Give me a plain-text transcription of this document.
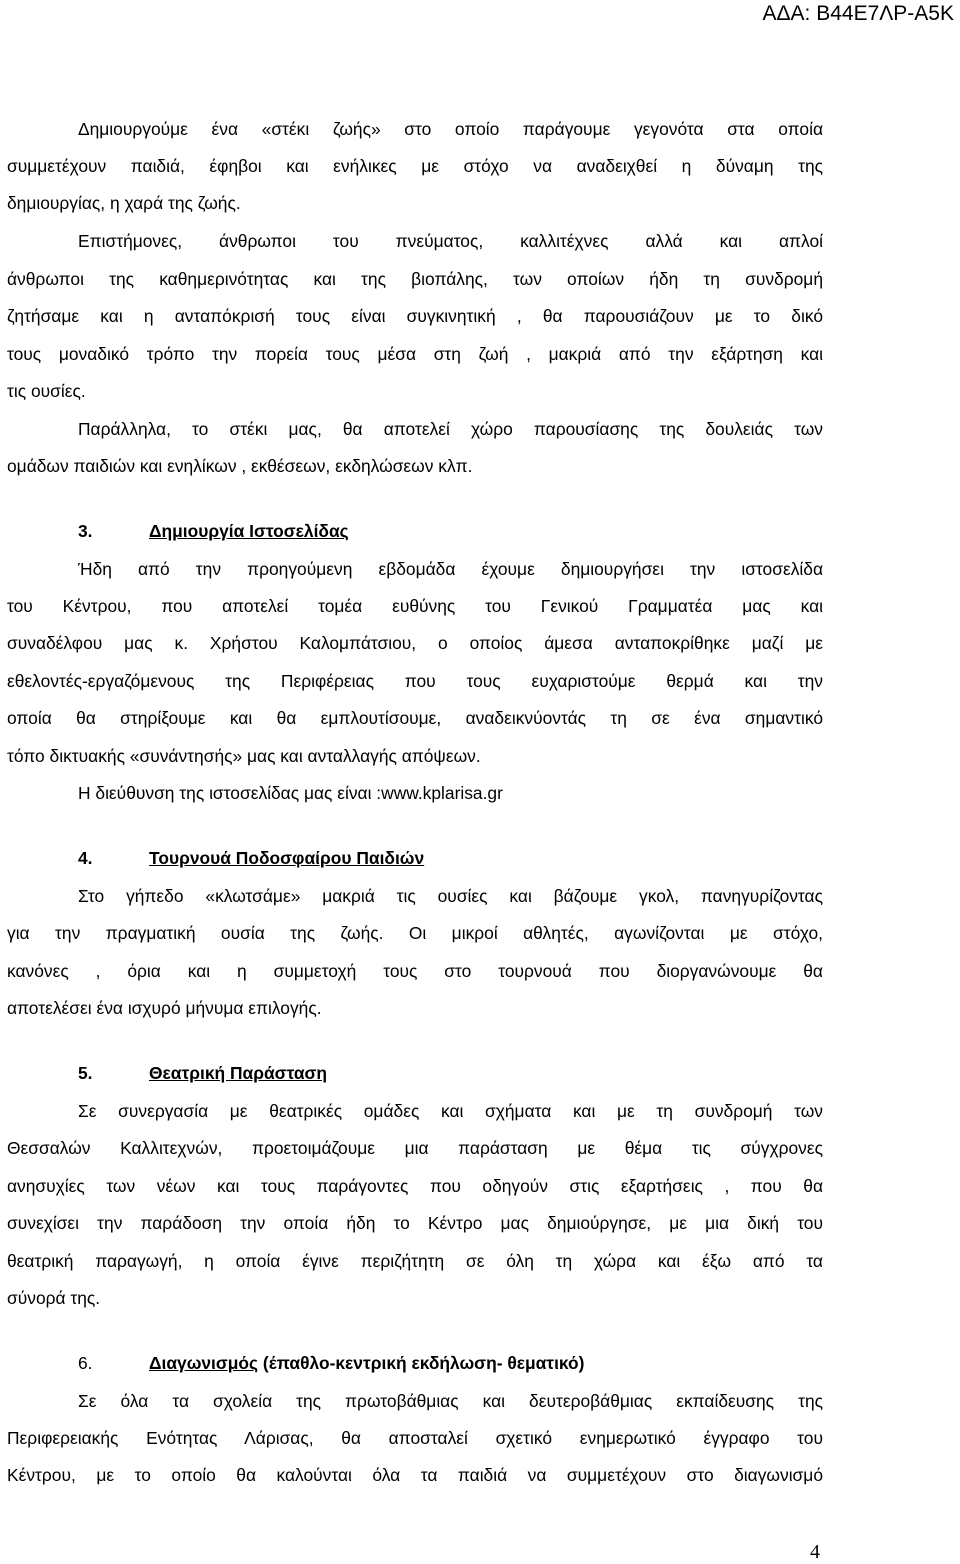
ΑΔΑ: Β44Ε7ΛΡ-Α5Κ
Δημιουργούμε ένα «στέκι ζωής» στο οποίο παράγουμε γεγονότα στα οποία
συμμετέχουν παιδιά, έφηβοι και ενήλικες με στόχο να αναδειχθεί η δύναμη της
δημιουργίας, η χαρά της ζωής.
Επιστήμονες, άνθρωποι του πνεύματος, καλλιτέχνες αλλά και απλοί
άνθρωποι της καθημερινότητας και της βιοπάλης, των οποίων ήδη τη συνδρομή
ζητήσαμε και η ανταπόκρισή τους είναι συγκινητική , θα παρουσιάζουν με το δικό
τους μοναδικό τρόπο την πορεία τους μέσα στη ζωή , μακριά από την εξάρτηση και
τις ουσίες.
Παράλληλα, το στέκι μας, θα αποτελεί χώρο παρουσίασης της δουλειάς των
ομάδων παιδιών και ενηλίκων , εκθέσεων, εκδηλώσεων κλπ.
3.	Δημιουργία Ιστοσελίδας
Ήδη από την προηγούμενη εβδομάδα έχουμε δημιουργήσει την ιστοσελίδα
του Κέντρου, που αποτελεί τομέα ευθύνης του Γενικού Γραμματέα μας και
συναδέλφου μας κ. Χρήστου Καλομπάτσιου, ο οποίος άμεσα ανταποκρίθηκε μαζί με
εθελοντές-εργαζόμενους της Περιφέρειας που τους ευχαριστούμε θερμά και την
οποία θα στηρίξουμε και θα εμπλουτίσουμε, αναδεικνύοντάς τη σε ένα σημαντικό
τόπο δικτυακής «συνάντησής» μας και ανταλλαγής απόψεων.
Η διεύθυνση της ιστοσελίδας μας είναι :www.kplarisa.gr
4.	Τουρνουά Ποδοσφαίρου Παιδιών
Στο γήπεδο «κλωτσάμε» μακριά τις ουσίες και βάζουμε γκολ, πανηγυρίζοντας
για την πραγματική ουσία της ζωής. Οι μικροί αθλητές, αγωνίζονται με στόχο,
κανόνες , όρια και η συμμετοχή τους στο τουρνουά που διοργανώνουμε θα
αποτελέσει ένα ισχυρό μήνυμα επιλογής.
5.	Θεατρική Παράσταση
Σε συνεργασία με θεατρικές ομάδες και σχήματα και με τη συνδρομή των
Θεσσαλών Καλλιτεχνών, προετοιμάζουμε μια παράσταση με θέμα τις σύγχρονες
ανησυχίες των νέων και τους παράγοντες που οδηγούν στις εξαρτήσεις , που θα
συνεχίσει την παράδοση την οποία ήδη το Κέντρο μας δημιούργησε, με μια δική του
θεατρική παραγωγή, η οποία έγινε περιζήτητη σε όλη τη χώρα και έξω από τα
σύνορά της.
6.	Διαγωνισμός (έπαθλο-κεντρική εκδήλωση- θεματικό)
Σε όλα τα σχολεία της πρωτοβάθμιας και δευτεροβάθμιας εκπαίδευσης της
Περιφερειακής Ενότητας Λάρισας, θα αποσταλεί σχετικό ενημερωτικό έγγραφο του
Κέντρου, με το οποίο θα καλούνται όλα τα παιδιά να συμμετέχουν στο διαγωνισμό
4
